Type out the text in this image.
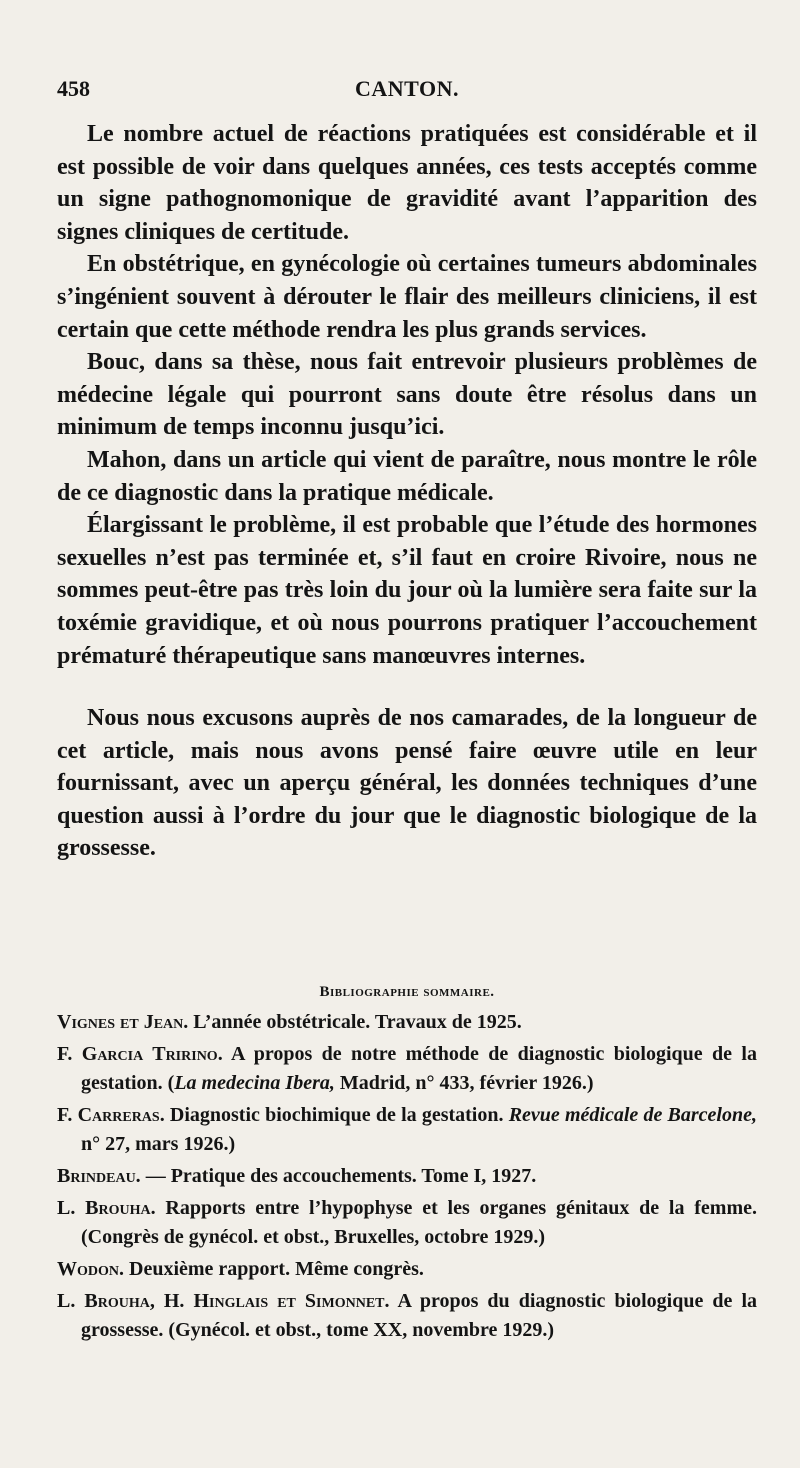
458	CANTON.

Le nombre actuel de réactions pratiquées est considérable et il est possible de voir dans quelques années, ces tests acceptés comme un signe pathognomonique de gravidité avant l’apparition des signes cliniques de certitude.

En obstétrique, en gynécologie où certaines tumeurs abdominales s’ingénient souvent à dérouter le flair des meilleurs cliniciens, il est certain que cette méthode rendra les plus grands services.

Bouc, dans sa thèse, nous fait entrevoir plusieurs problèmes de médecine légale qui pourront sans doute être résolus dans un minimum de temps inconnu jusqu’ici.

Mahon, dans un article qui vient de paraître, nous montre le rôle de ce diagnostic dans la pratique médicale.

Élargissant le problème, il est probable que l’étude des hormones sexuelles n’est pas terminée et, s’il faut en croire Rivoire, nous ne sommes peut-être pas très loin du jour où la lumière sera faite sur la toxémie gravidique, et où nous pourrons pratiquer l’accouchement prématuré thérapeutique sans manœuvres internes.

Nous nous excusons auprès de nos camarades, de la longueur de cet article, mais nous avons pensé faire œuvre utile en leur fournissant, avec un aperçu général, les données techniques d’une question aussi à l’ordre du jour que le diagnostic biologique de la grossesse.

Bibliographie sommaire.

Vignes et Jean. L’année obstétricale. Travaux de 1925.

F. Garcia Tririno. A propos de notre méthode de diagnostic biologique de la gestation. (La medecina Ibera, Madrid, n° 433, février 1926.)

F. Carreras. Diagnostic biochimique de la gestation. Revue médicale de Barcelone, n° 27, mars 1926.)

Brindeau. — Pratique des accouchements. Tome I, 1927.

L. Brouha. Rapports entre l’hypophyse et les organes génitaux de la femme. (Congrès de gynécol. et obst., Bruxelles, octobre 1929.)

Wodon. Deuxième rapport. Même congrès.

L. Brouha, H. Hinglais et Simonnet. A propos du diagnostic biologique de la grossesse. (Gynécol. et obst., tome XX, novembre 1929.)
